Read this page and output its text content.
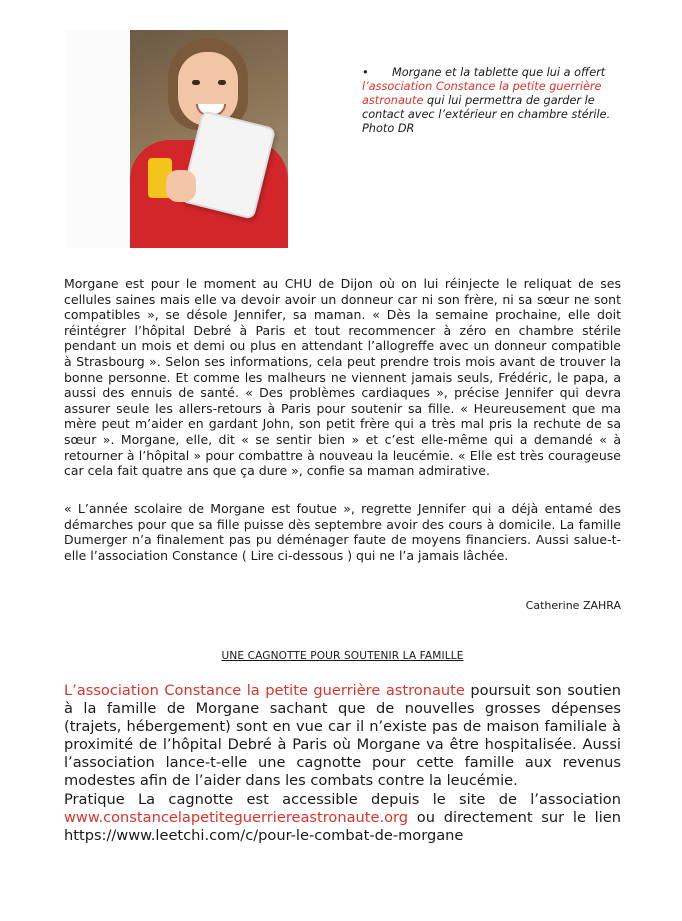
• Morgane et la tablette que lui a offert l’association Constance la petite guerrière astronaute qui lui permettra de garder le contact avec l’extérieur en chambre stérile. Photo DR
Morgane est pour le moment au CHU de Dijon où on lui réinjecte le reliquat de ses cellules saines mais elle va devoir avoir un donneur car ni son frère, ni sa sœur ne sont compatibles », se désole Jennifer, sa maman. « Dès la semaine prochaine, elle doit réintégrer l’hôpital Debré à Paris et tout recommencer à zéro en chambre stérile pendant un mois et demi ou plus en attendant l’allogreffe avec un donneur compatible à Strasbourg ». Selon ses informations, cela peut prendre trois mois avant de trouver la bonne personne. Et comme les malheurs ne viennent jamais seuls, Frédéric, le papa, a aussi des ennuis de santé. « Des problèmes cardiaques », précise Jennifer qui devra assurer seule les allers-retours à Paris pour soutenir sa fille. « Heureusement que ma mère peut m’aider en gardant John, son petit frère qui a très mal pris la rechute de sa sœur ». Morgane, elle, dit « se sentir bien » et c’est elle-même qui a demandé « à retourner à l’hôpital » pour combattre à nouveau la leucémie. « Elle est très courageuse car cela fait quatre ans que ça dure », confie sa maman admirative.
« L’année scolaire de Morgane est foutue », regrette Jennifer qui a déjà entamé des démarches pour que sa fille puisse dès septembre avoir des cours à domicile. La famille Dumerger n’a finalement pas pu déménager faute de moyens financiers. Aussi salue-t-elle l’association Constance ( Lire ci-dessous ) qui ne l’a jamais lâchée.
Catherine ZAHRA
UNE CAGNOTTE POUR SOUTENIR LA FAMILLE
L’association Constance la petite guerrière astronaute poursuit son soutien à la famille de Morgane sachant que de nouvelles grosses dépenses (trajets, hébergement) sont en vue car il n’existe pas de maison familiale à proximité de l’hôpital Debré à Paris où Morgane va être hospitalisée. Aussi l’association lance-t-elle une cagnotte pour cette famille aux revenus modestes afin de l’aider dans les combats contre la leucémie.
Pratique La cagnotte est accessible depuis le site de l’association www.constancelapetiteguerriereastronaute.org ou directement sur le lien https://www.leetchi.com/c/pour-le-combat-de-morgane
